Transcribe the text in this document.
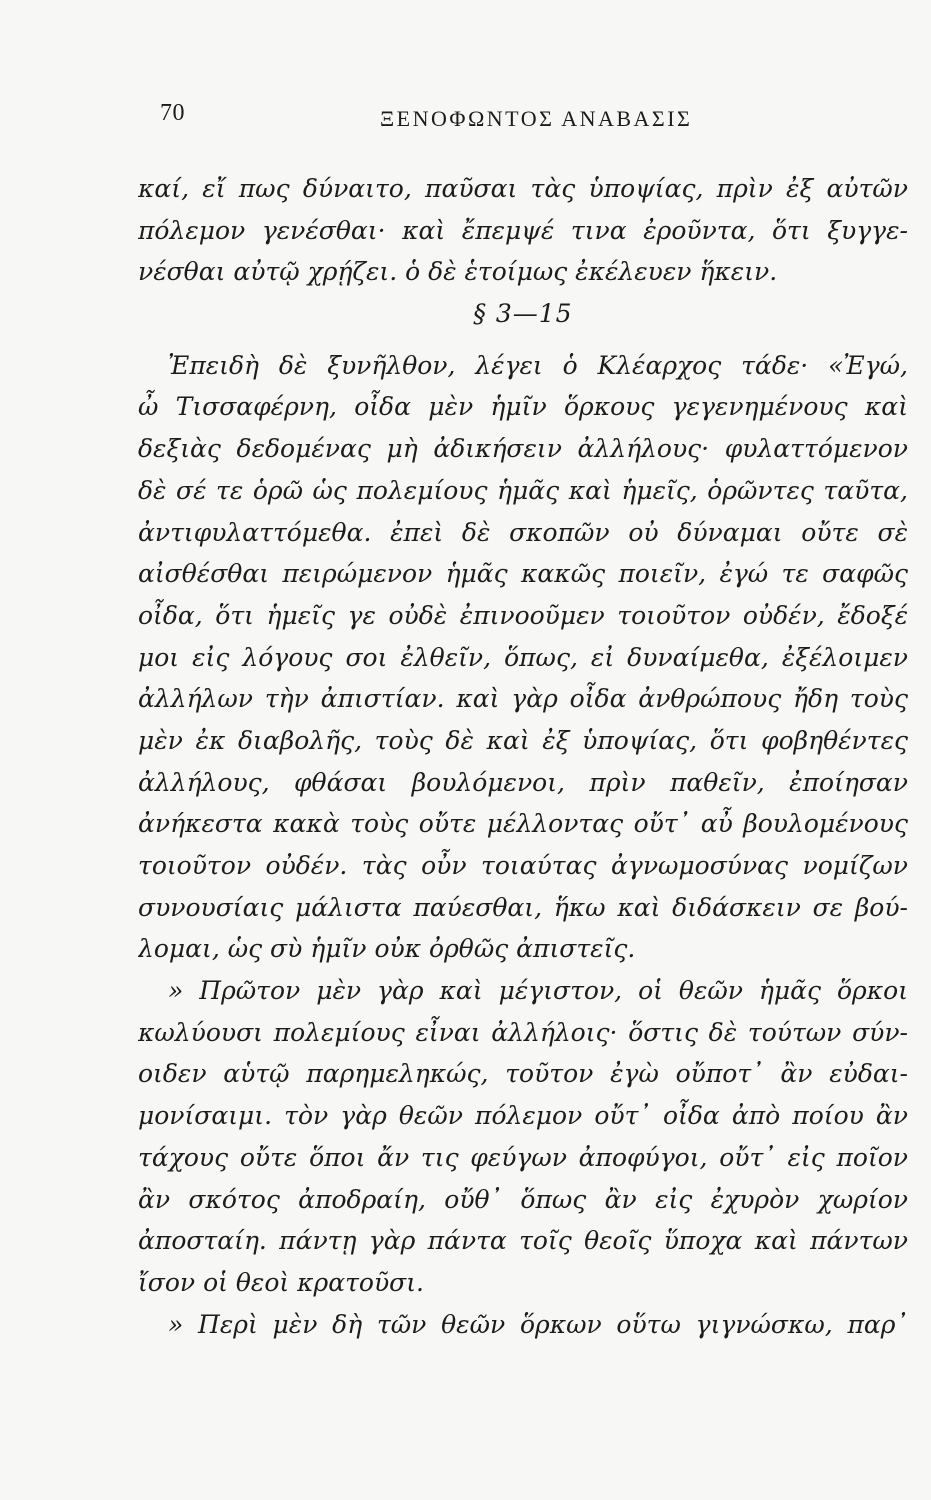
70	ΞΕΝΟΦΩΝΤΟΣ ΑΝΑΒΑΣΙΣ
καί, εἴ πως δύναιτο, παῦσαι τὰς ὑποψίας, πρὶν ἐξ αὐτῶν
πόλεμον γενέσθαι· καὶ ἔπεμψέ τινα ἐροῦντα, ὅτι ξυγγε-
νέσθαι αὐτῷ χρῄζει. ὁ δὲ ἑτοίμως ἐκέλευεν ἥκειν.
§ 3—15
Ἐπειδὴ δὲ ξυνῆλθον, λέγει ὁ Κλέαρχος τάδε· «Ἐγώ,
ὦ Τισσαφέρνη, οἶδα μὲν ἡμῖν ὅρκους γεγενημένους καὶ
δεξιὰς δεδομένας μὴ ἀδικήσειν ἀλλήλους· φυλαττόμενον
δὲ σέ τε ὁρῶ ὡς πολεμίους ἡμᾶς καὶ ἡμεῖς, ὁρῶντες ταῦτα,
ἀντιφυλαττόμεθα. ἐπεὶ δὲ σκοπῶν οὐ δύναμαι οὔτε σὲ
αἰσθέσθαι πειρώμενον ἡμᾶς κακῶς ποιεῖν, ἐγώ τε σαφῶς
οἶδα, ὅτι ἡμεῖς γε οὐδὲ ἐπινοοῦμεν τοιοῦτον οὐδέν, ἔδοξέ
μοι εἰς λόγους σοι ἐλθεῖν, ὅπως, εἰ δυναίμεθα, ἐξέλοιμεν
ἀλλήλων τὴν ἀπιστίαν. καὶ γὰρ οἶδα ἀνθρώπους ἤδη τοὺς
μὲν ἐκ διαβολῆς, τοὺς δὲ καὶ ἐξ ὑποψίας, ὅτι φοβηθέντες
ἀλλήλους, φθάσαι βουλόμενοι, πρὶν παθεῖν, ἐποίησαν
ἀνήκεστα κακὰ τοὺς οὔτε μέλλοντας οὔτ᾽ αὖ βουλομένους
τοιοῦτον οὐδέν. τὰς οὖν τοιαύτας ἀγνωμοσύνας νομίζων
συνουσίαις μάλιστα παύεσθαι, ἥκω καὶ διδάσκειν σε βού-
λομαι, ὡς σὺ ἡμῖν οὐκ ὀρθῶς ἀπιστεῖς.
» Πρῶτον μὲν γὰρ καὶ μέγιστον, οἱ θεῶν ἡμᾶς ὅρκοι
κωλύουσι πολεμίους εἶναι ἀλλήλοις· ὅστις δὲ τούτων σύν-
οιδεν αὑτῷ παρημεληκώς, τοῦτον ἐγὼ οὔποτ᾽ ἂν εὐδαι-
μονίσαιμι. τὸν γὰρ θεῶν πόλεμον οὔτ᾽ οἶδα ἀπὸ ποίου ἂν
τάχους οὔτε ὅποι ἄν τις φεύγων ἀποφύγοι, οὔτ᾽ εἰς ποῖον
ἂν σκότος ἀποδραίη, οὔθ᾽ ὅπως ἂν εἰς ἐχυρὸν χωρίον
ἀποσταίη. πάντῃ γὰρ πάντα τοῖς θεοῖς ὕποχα καὶ πάντων
ἴσον οἱ θεοὶ κρατοῦσι.
» Περὶ μὲν δὴ τῶν θεῶν ὅρκων οὕτω γιγνώσκω, παρ᾽
